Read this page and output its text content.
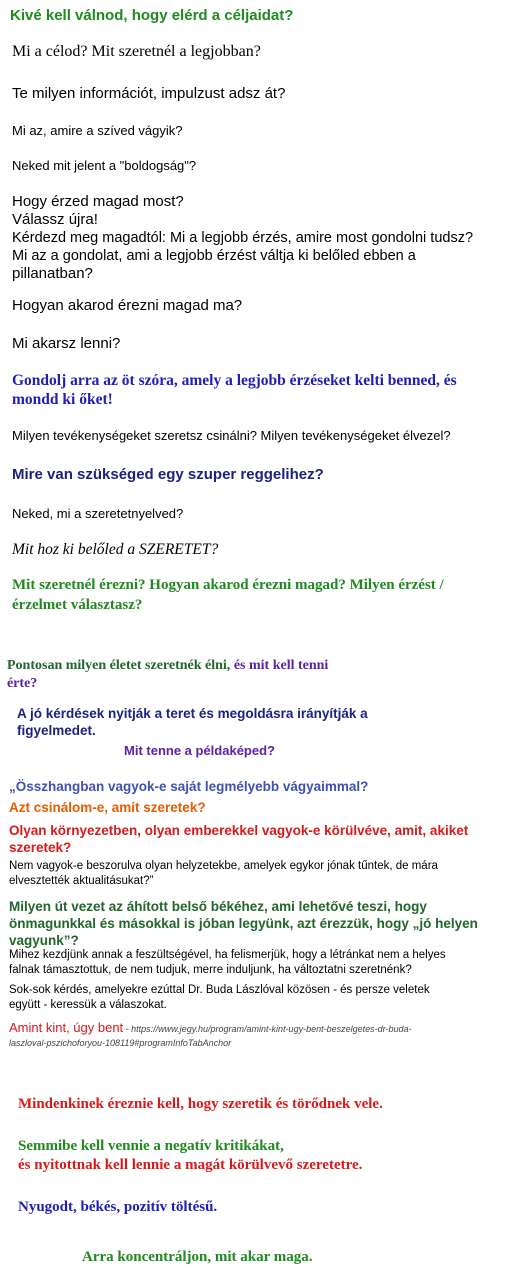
Kivé kell válnod, hogy elérd a céljaidat?

Mi a célod? Mit szeretnél a legjobban?

Te milyen információt, impulzust adsz át?

Mi az, amire a szíved vágyik?

Neked mit jelent a "boldogság"?

Hogy érzed magad most?
Válassz újra!
Kérdezd meg magadtól: Mi a legjobb érzés, amire most gondolni tudsz?
Mi az a gondolat, ami a legjobb érzést váltja ki belőled ebben a
pillanatban?

Hogyan akarod érezni magad ma?

Mi akarsz lenni?

Gondolj arra az öt szóra, amely a legjobb érzéseket kelti benned, és
mondd ki őket!

Milyen tevékenységeket szeretsz csinálni? Milyen tevékenységeket élvezel?

Mire van szükséged egy szuper reggelihez?

Neked, mi a szeretetnyelved?

Mit hoz ki belőled a SZERETET?

Mit szeretnél érezni? Hogyan akarod érezni magad? Milyen érzést /
érzelmet választasz?
Pontosan milyen életet szeretnék élni, és mit kell tenni
érte?
A jó kérdések nyitják a teret és megoldásra irányítják a
figyelmedet.

Mit tenne a példaképed?

„Összhangban vagyok-e saját legmélyebb vágyaimmal?

Azt csinálom-e, amit szeretek?

Olyan környezetben, olyan emberekkel vagyok-e körülvéve, amit, akiket
szeretek?
Nem vagyok-e beszorulva olyan helyzetekbe, amelyek egykor jónak tűntek, de mára
elvesztették aktualitásukat?”
Milyen út vezet az áhított belső békéhez, ami lehetővé teszi, hogy
önmagunkkal és másokkal is jóban legyünk, azt érezzük, hogy „jó helyen
vagyunk”?
Mihez kezdjünk annak a feszültségével, ha felismerjük, hogy a létránkat nem a helyes
falnak támasztottuk, de nem tudjuk, merre induljunk, ha változtatni szeretnénk?
Sok-sok kérdés, amelyekre ezúttal Dr. Buda Lászlóval közösen - és persze veletek
együtt - keressük a válaszokat.
Amint kint, úgy bent - https://www.jegy.hu/program/amint-kint-ugy-bent-beszelgetes-dr-buda-
laszloval-pszichoforyou-108119#programInfoTabAnchor

Mindenkinek éreznie kell, hogy szeretik és törődnek vele.

Semmibe kell vennie a negatív kritikákat,
és nyitottnak kell lennie a magát körülvevő szeretetre.

Nyugodt, békés, pozitív töltésű.

Arra koncentráljon, mit akar maga.
